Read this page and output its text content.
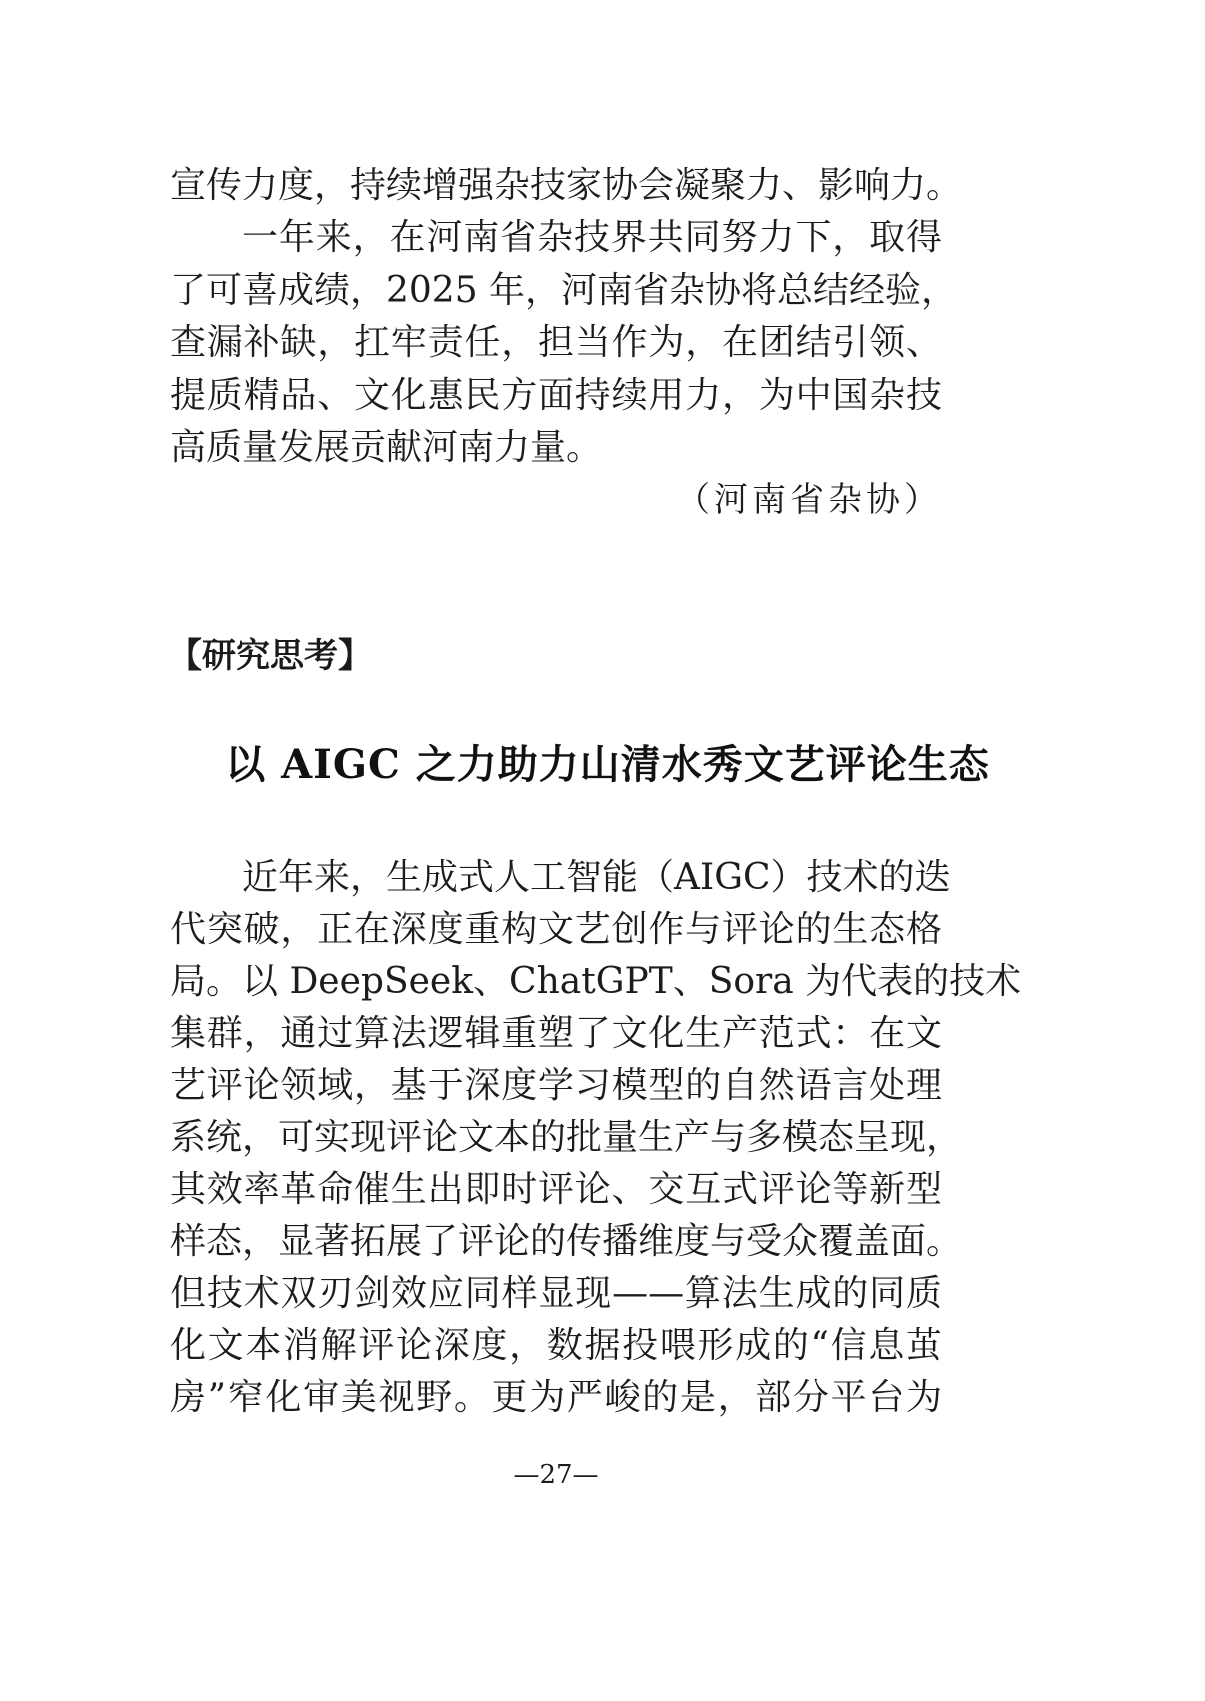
宣传力度，持续增强杂技家协会凝聚力、影响力。
一年来，在河南省杂技界共同努力下，取得
了可喜成绩，2025 年，河南省杂协将总结经验，
查漏补缺，扛牢责任，担当作为，在团结引领、
提质精品、文化惠民方面持续用力，为中国杂技
高质量发展贡献河南力量。
（河南省杂协）
【研究思考】
以 AIGC 之力助力山清水秀文艺评论生态
近年来，生成式人工智能（AIGC）技术的迭
代突破，正在深度重构文艺创作与评论的生态格
局。以 DeepSeek、ChatGPT、Sora 为代表的技术
集群，通过算法逻辑重塑了文化生产范式：在文
艺评论领域，基于深度学习模型的自然语言处理
系统，可实现评论文本的批量生产与多模态呈现，
其效率革命催生出即时评论、交互式评论等新型
样态，显著拓展了评论的传播维度与受众覆盖面。
但技术双刃剑效应同样显现——算法生成的同质
化文本消解评论深度，数据投喂形成的“信息茧
房”窄化审美视野。更为严峻的是，部分平台为
—27—
